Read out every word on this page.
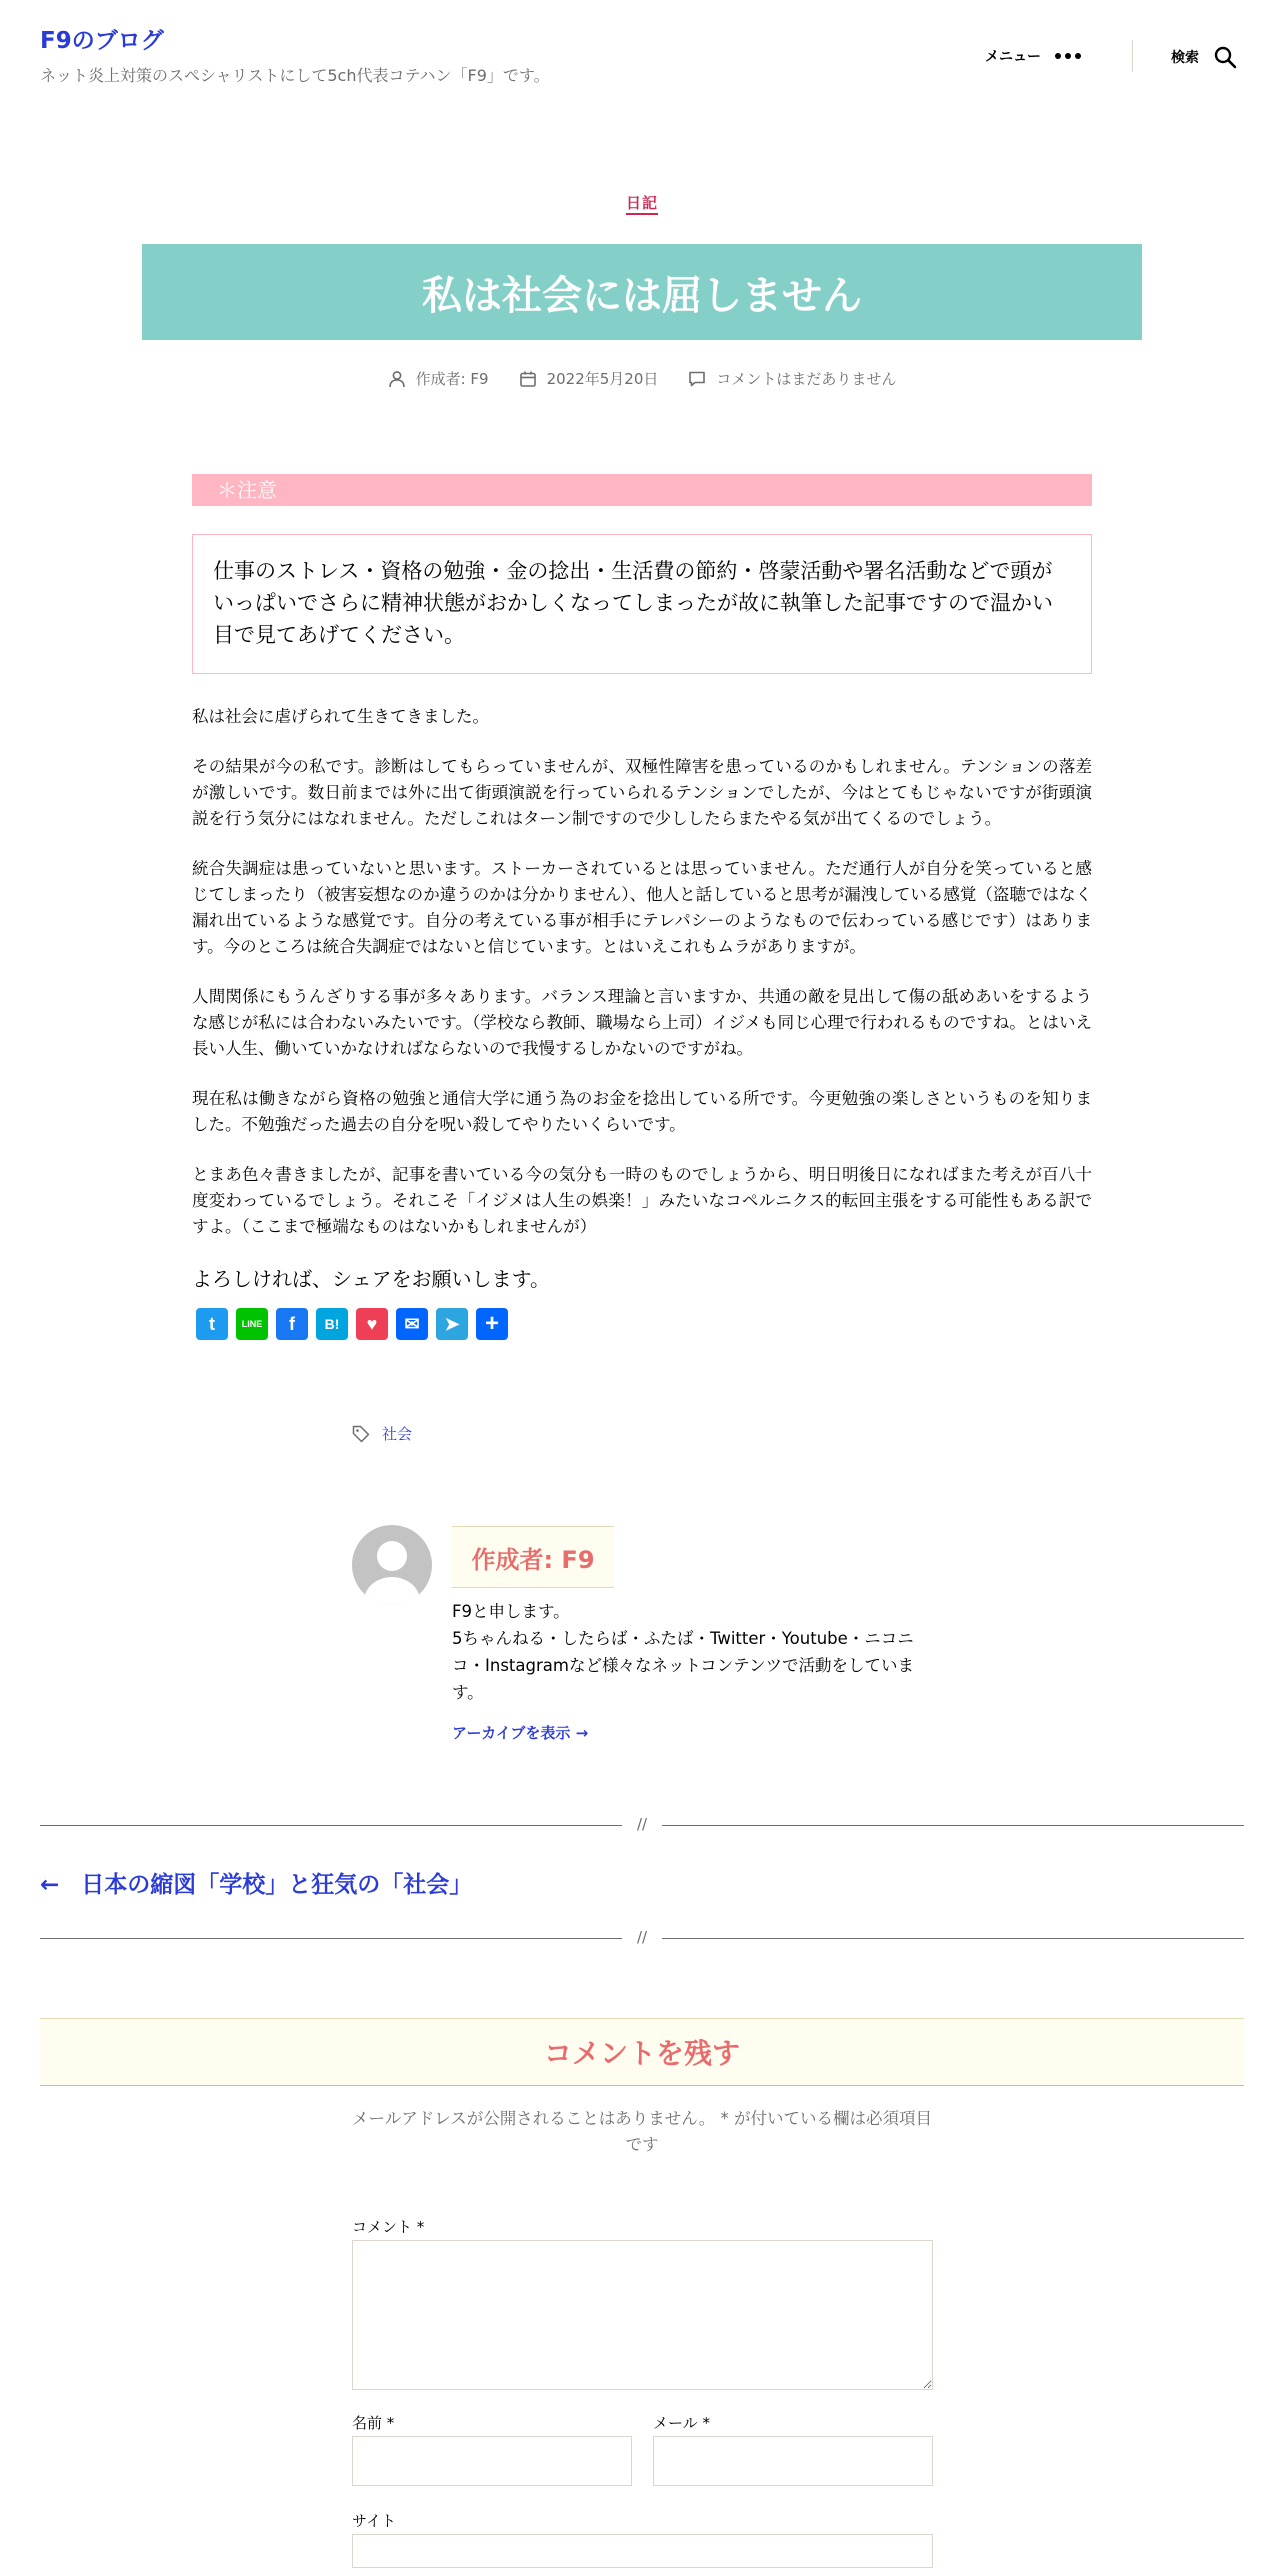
F9のブログ
ネット炎上対策のスペシャリストにして5ch代表コテハン「F9」です。
メニュー	検索
日記
私は社会には屈しません
作成者: F9	2022年5月20日	コメントはまだありません
＊注意
仕事のストレス・資格の勉強・金の捻出・生活費の節約・啓蒙活動や署名活動などで頭がいっぱいでさらに精神状態がおかしくなってしまったが故に執筆した記事ですので温かい目で見てあげてください。

私は社会に虐げられて生きてきました。

その結果が今の私です。診断はしてもらっていませんが、双極性障害を患っているのかもしれません。テンションの落差が激しいです。数日前までは外に出て街頭演説を行っていられるテンションでしたが、今はとてもじゃないですが街頭演説を行う気分にはなれません。ただしこれはターン制ですので少ししたらまたやる気が出てくるのでしょう。

統合失調症は患っていないと思います。ストーカーされているとは思っていません。ただ通行人が自分を笑っていると感じてしまったり（被害妄想なのか違うのかは分かりません）、他人と話していると思考が漏洩している感覚（盗聴ではなく漏れ出ているような感覚です。自分の考えている事が相手にテレパシーのようなもので伝わっている感じです）はあります。今のところは統合失調症ではないと信じています。とはいえこれもムラがありますが。

人間関係にもうんざりする事が多々あります。バランス理論と言いますか、共通の敵を見出して傷の舐めあいをするような感じが私には合わないみたいです。（学校なら教師、職場なら上司）イジメも同じ心理で行われるものですね。とはいえ長い人生、働いていかなければならないので我慢するしかないのですがね。

現在私は働きながら資格の勉強と通信大学に通う為のお金を捻出している所です。今更勉強の楽しさというものを知りました。不勉強だった過去の自分を呪い殺してやりたいくらいです。

とまあ色々書きましたが、記事を書いている今の気分も一時のものでしょうから、明日明後日になればまた考えが百八十度変わっているでしょう。それこそ「イジメは人生の娯楽！」みたいなコペルニクス的転回主張をする可能性もある訳ですよ。（ここまで極端なものはないかもしれませんが）

よろしければ、シェアをお願いします。
t	LINE	f	B!	♥	✉	➤	+
社会
作成者: F9
F9と申します。
5ちゃんねる・したらば・ふたば・Twitter・Youtube・ニコニコ・Instagramなど様々なネットコンテンツで活動をしています。
アーカイブを表示 →
//
← 日本の縮図「学校」と狂気の「社会」
//
コメントを残す
メールアドレスが公開されることはありません。 * が付いている欄は必須項目です
コメント *
名前 *	メール *
サイト
